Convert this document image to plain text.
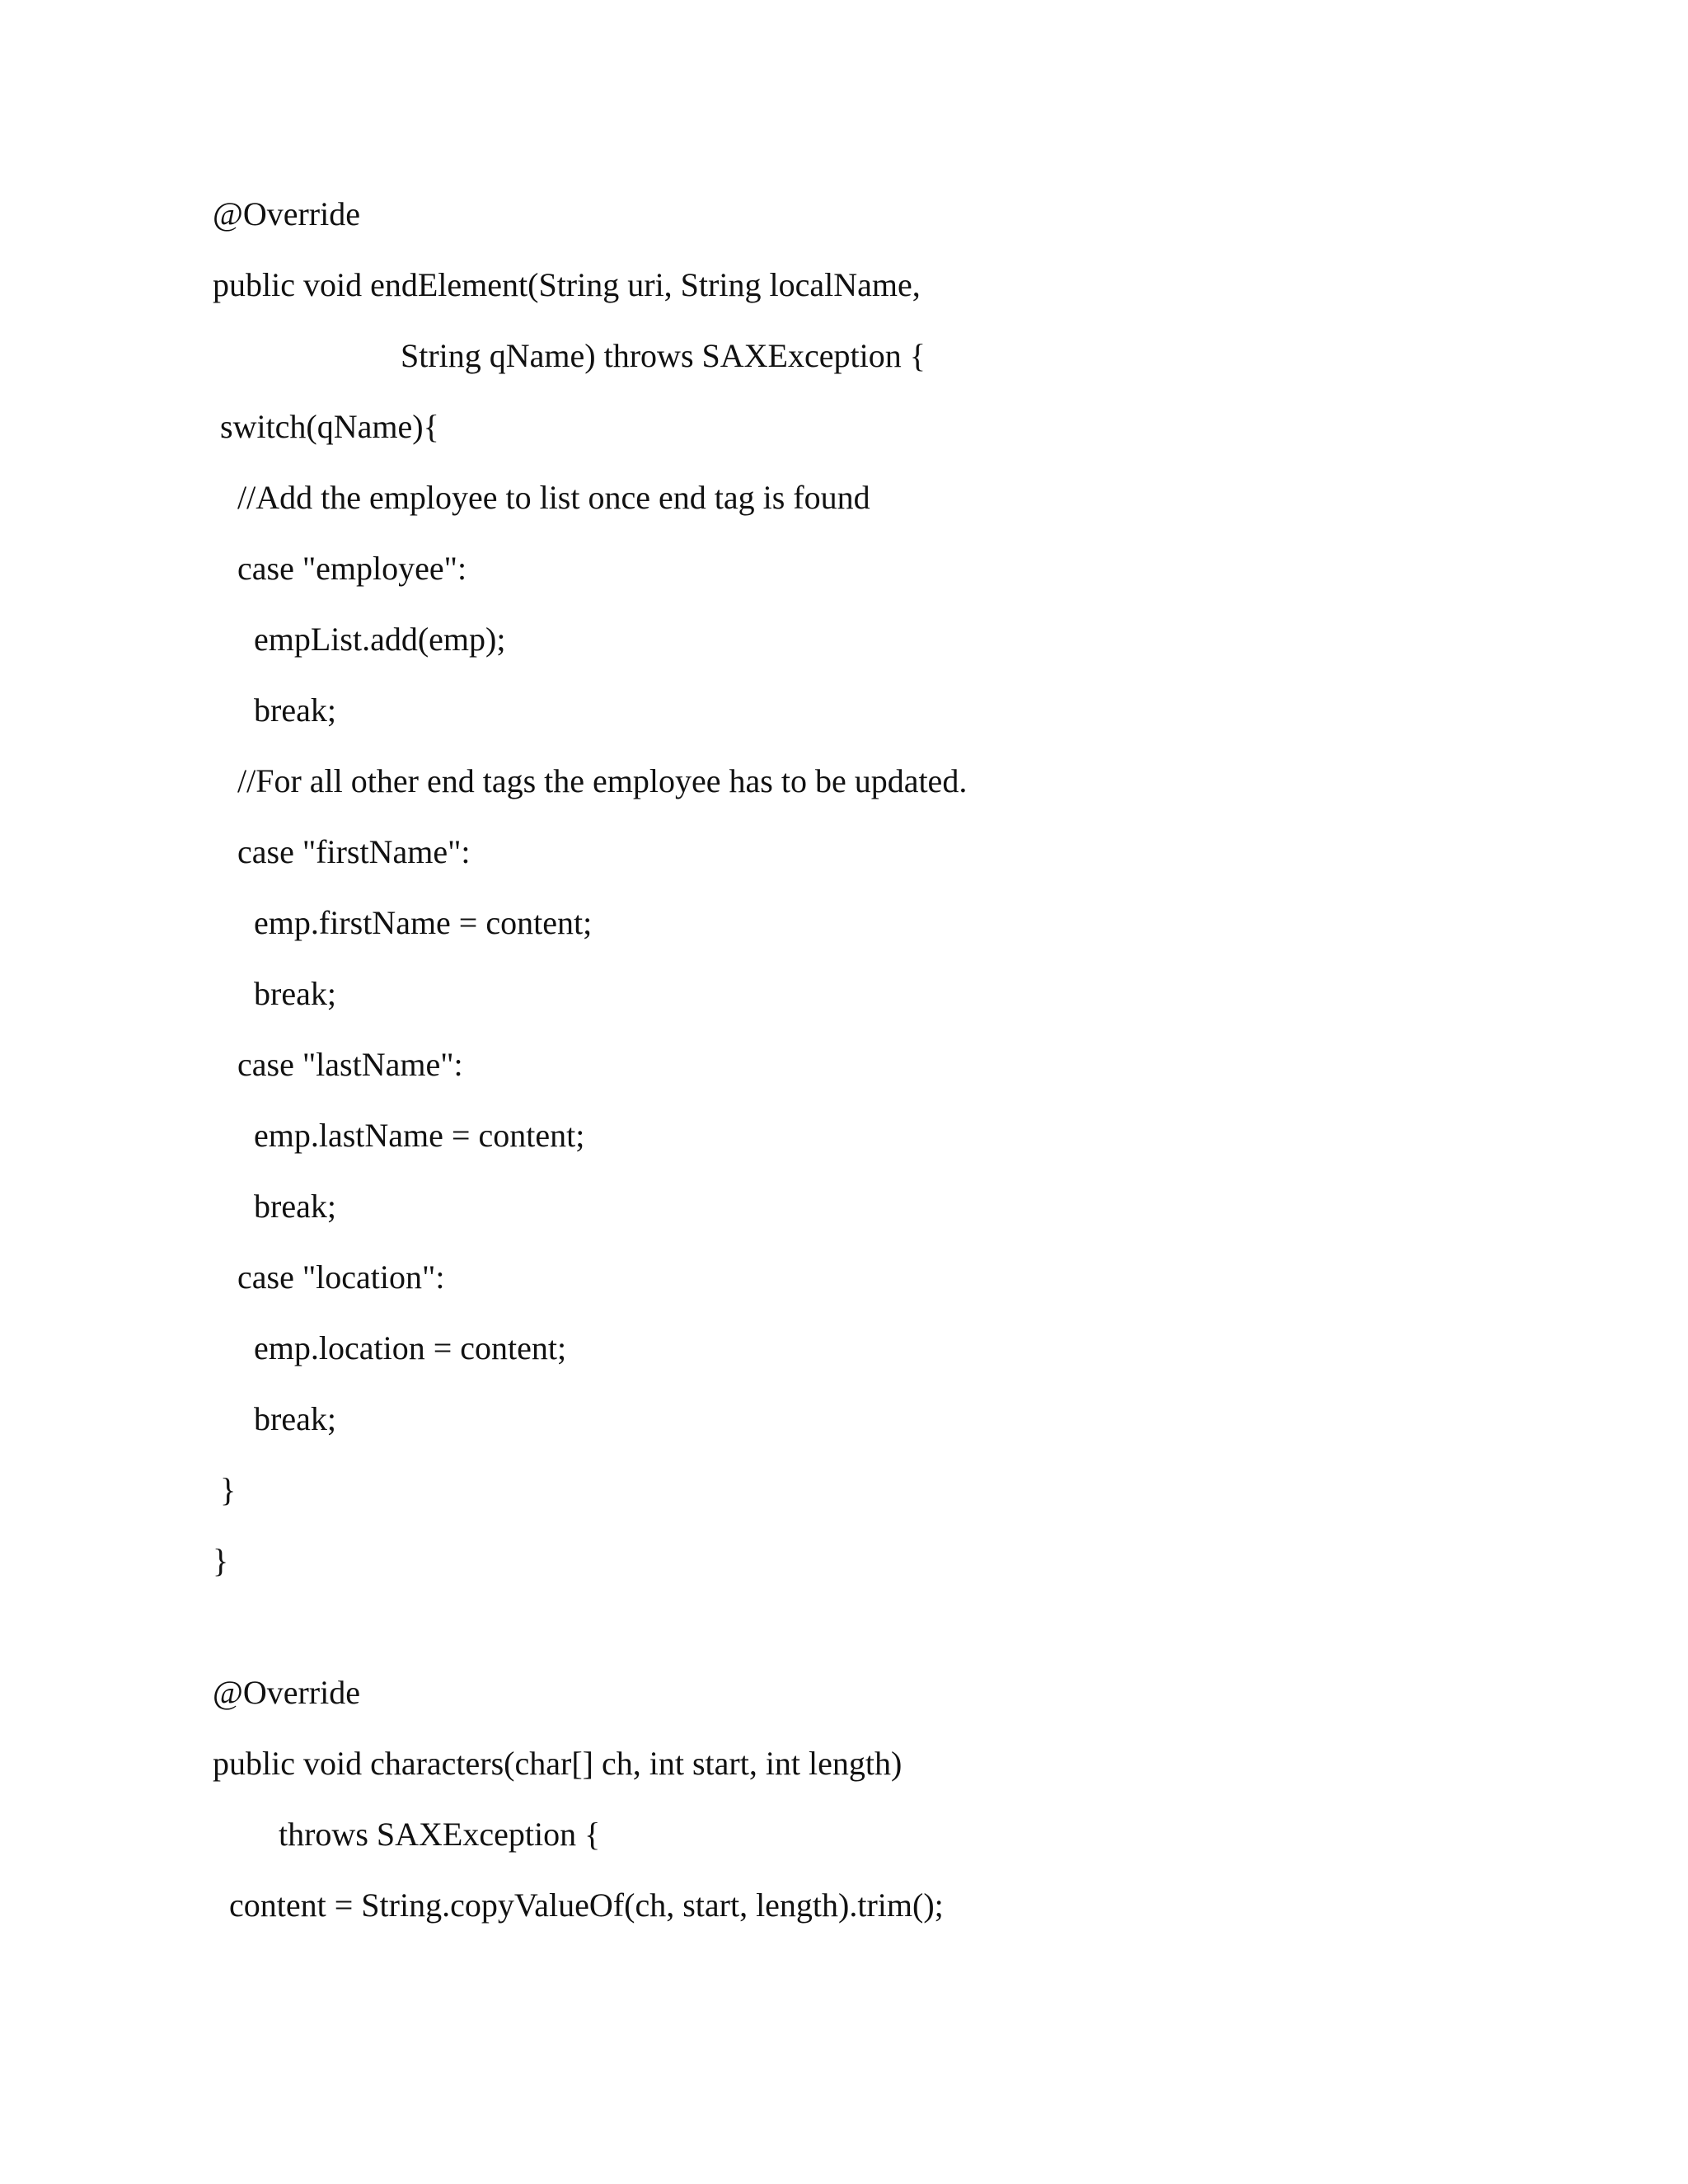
@Override

public void endElement(String uri, String localName,

String qName) throws SAXException {

switch(qName){

//Add the employee to list once end tag is found

case "employee":

empList.add(emp);

break;

//For all other end tags the employee has to be updated.

case "firstName":

emp.firstName = content;

break;

case "lastName":

emp.lastName = content;

break;

case "location":

emp.location = content;

break;

}

}

@Override

public void characters(char[] ch, int start, int length)

throws SAXException {

content = String.copyValueOf(ch, start, length).trim();
